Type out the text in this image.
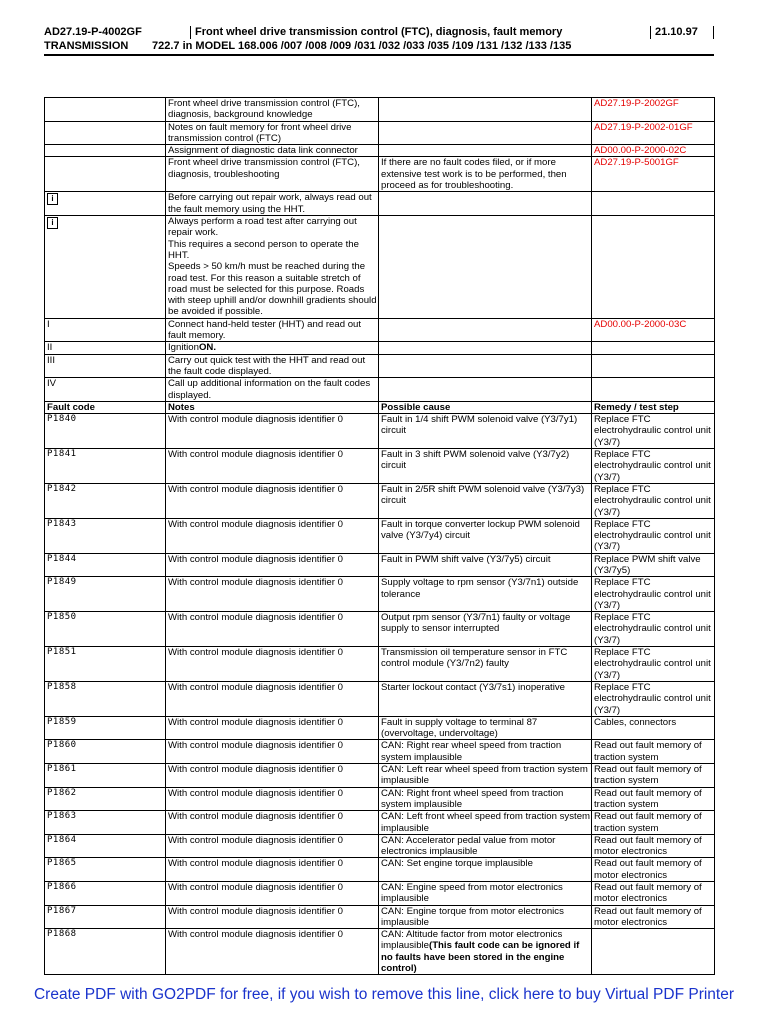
AD27.19-P-4002GF	Front wheel drive transmission control (FTC), diagnosis, fault memory	21.10.97
TRANSMISSION 722.7 in MODEL 168.006 /007 /008 /009 /031 /032 /033 /035 /109 /131 /132 /133 /135
	Front wheel drive transmission control (FTC), diagnosis, background knowledge		AD27.19-P-2002GF
	Notes on fault memory for front wheel drive transmission control (FTC)		AD27.19-P-2002-01GF
	Assignment of diagnostic data link connector		AD00.00-P-2000-02C
	Front wheel drive transmission control (FTC), diagnosis, troubleshooting	If there are no fault codes filed, or if more extensive test work is to be performed, then proceed as for troubleshooting.	AD27.19-P-5001GF
i	Before carrying out repair work, always read out the fault memory using the HHT.		
i	Always perform a road test after carrying out repair work.
This requires a second person to operate the HHT.
Speeds > 50 km/h must be reached during the road test. For this reason a suitable stretch of road must be selected for this purpose. Roads with steep uphill and/or downhill gradients should be avoided if possible.		
I	Connect hand-held tester (HHT) and read out fault memory.		AD00.00-P-2000-03C
II	IgnitionON.		
III	Carry out quick test with the HHT and read out the fault code displayed.		
IV	Call up additional information on the fault codes displayed.		
Fault code	Notes	Possible cause	Remedy / test step
P1840	With control module diagnosis identifier 0	Fault in 1/4 shift PWM solenoid valve (Y3/7y1) circuit	Replace FTC electrohydraulic control unit (Y3/7)
P1841	With control module diagnosis identifier 0	Fault in 3 shift PWM solenoid valve (Y3/7y2) circuit	Replace FTC electrohydraulic control unit (Y3/7)
P1842	With control module diagnosis identifier 0	Fault in 2/5R shift PWM solenoid valve (Y3/7y3) circuit	Replace FTC electrohydraulic control unit (Y3/7)
P1843	With control module diagnosis identifier 0	Fault in torque converter lockup PWM solenoid valve (Y3/7y4) circuit	Replace FTC electrohydraulic control unit (Y3/7)
P1844	With control module diagnosis identifier 0	Fault in PWM shift valve (Y3/7y5) circuit	Replace PWM shift valve (Y3/7y5)
P1849	With control module diagnosis identifier 0	Supply voltage to rpm sensor (Y3/7n1) outside tolerance	Replace FTC electrohydraulic control unit (Y3/7)
P1850	With control module diagnosis identifier 0	Output rpm sensor (Y3/7n1) faulty or voltage supply to sensor interrupted	Replace FTC electrohydraulic control unit (Y3/7)
P1851	With control module diagnosis identifier 0	Transmission oil temperature sensor in FTC control module (Y3/7n2) faulty	Replace FTC electrohydraulic control unit (Y3/7)
P1858	With control module diagnosis identifier 0	Starter lockout contact (Y3/7s1) inoperative	Replace FTC electrohydraulic control unit (Y3/7)
P1859	With control module diagnosis identifier 0	Fault in supply voltage to terminal 87 (overvoltage, undervoltage)	Cables, connectors
P1860	With control module diagnosis identifier 0	CAN: Right rear wheel speed from traction system implausible	Read out fault memory of traction system
P1861	With control module diagnosis identifier 0	CAN: Left rear wheel speed from traction system implausible	Read out fault memory of traction system
P1862	With control module diagnosis identifier 0	CAN: Right front wheel speed from traction system implausible	Read out fault memory of traction system
P1863	With control module diagnosis identifier 0	CAN: Left front wheel speed from traction system implausible	Read out fault memory of traction system
P1864	With control module diagnosis identifier 0	CAN: Accelerator pedal value from motor electronics implausible	Read out fault memory of motor electronics
P1865	With control module diagnosis identifier 0	CAN: Set engine torque implausible	Read out fault memory of motor electronics
P1866	With control module diagnosis identifier 0	CAN: Engine speed from motor electronics implausible	Read out fault memory of motor electronics
P1867	With control module diagnosis identifier 0	CAN: Engine torque from motor electronics implausible	Read out fault memory of motor electronics
P1868	With control module diagnosis identifier 0	CAN: Altitude factor from motor electronics implausible(This fault code can be ignored if no faults have been stored in the engine control)	
Create PDF with GO2PDF for free, if you wish to remove this line, click here to buy Virtual PDF Printer
